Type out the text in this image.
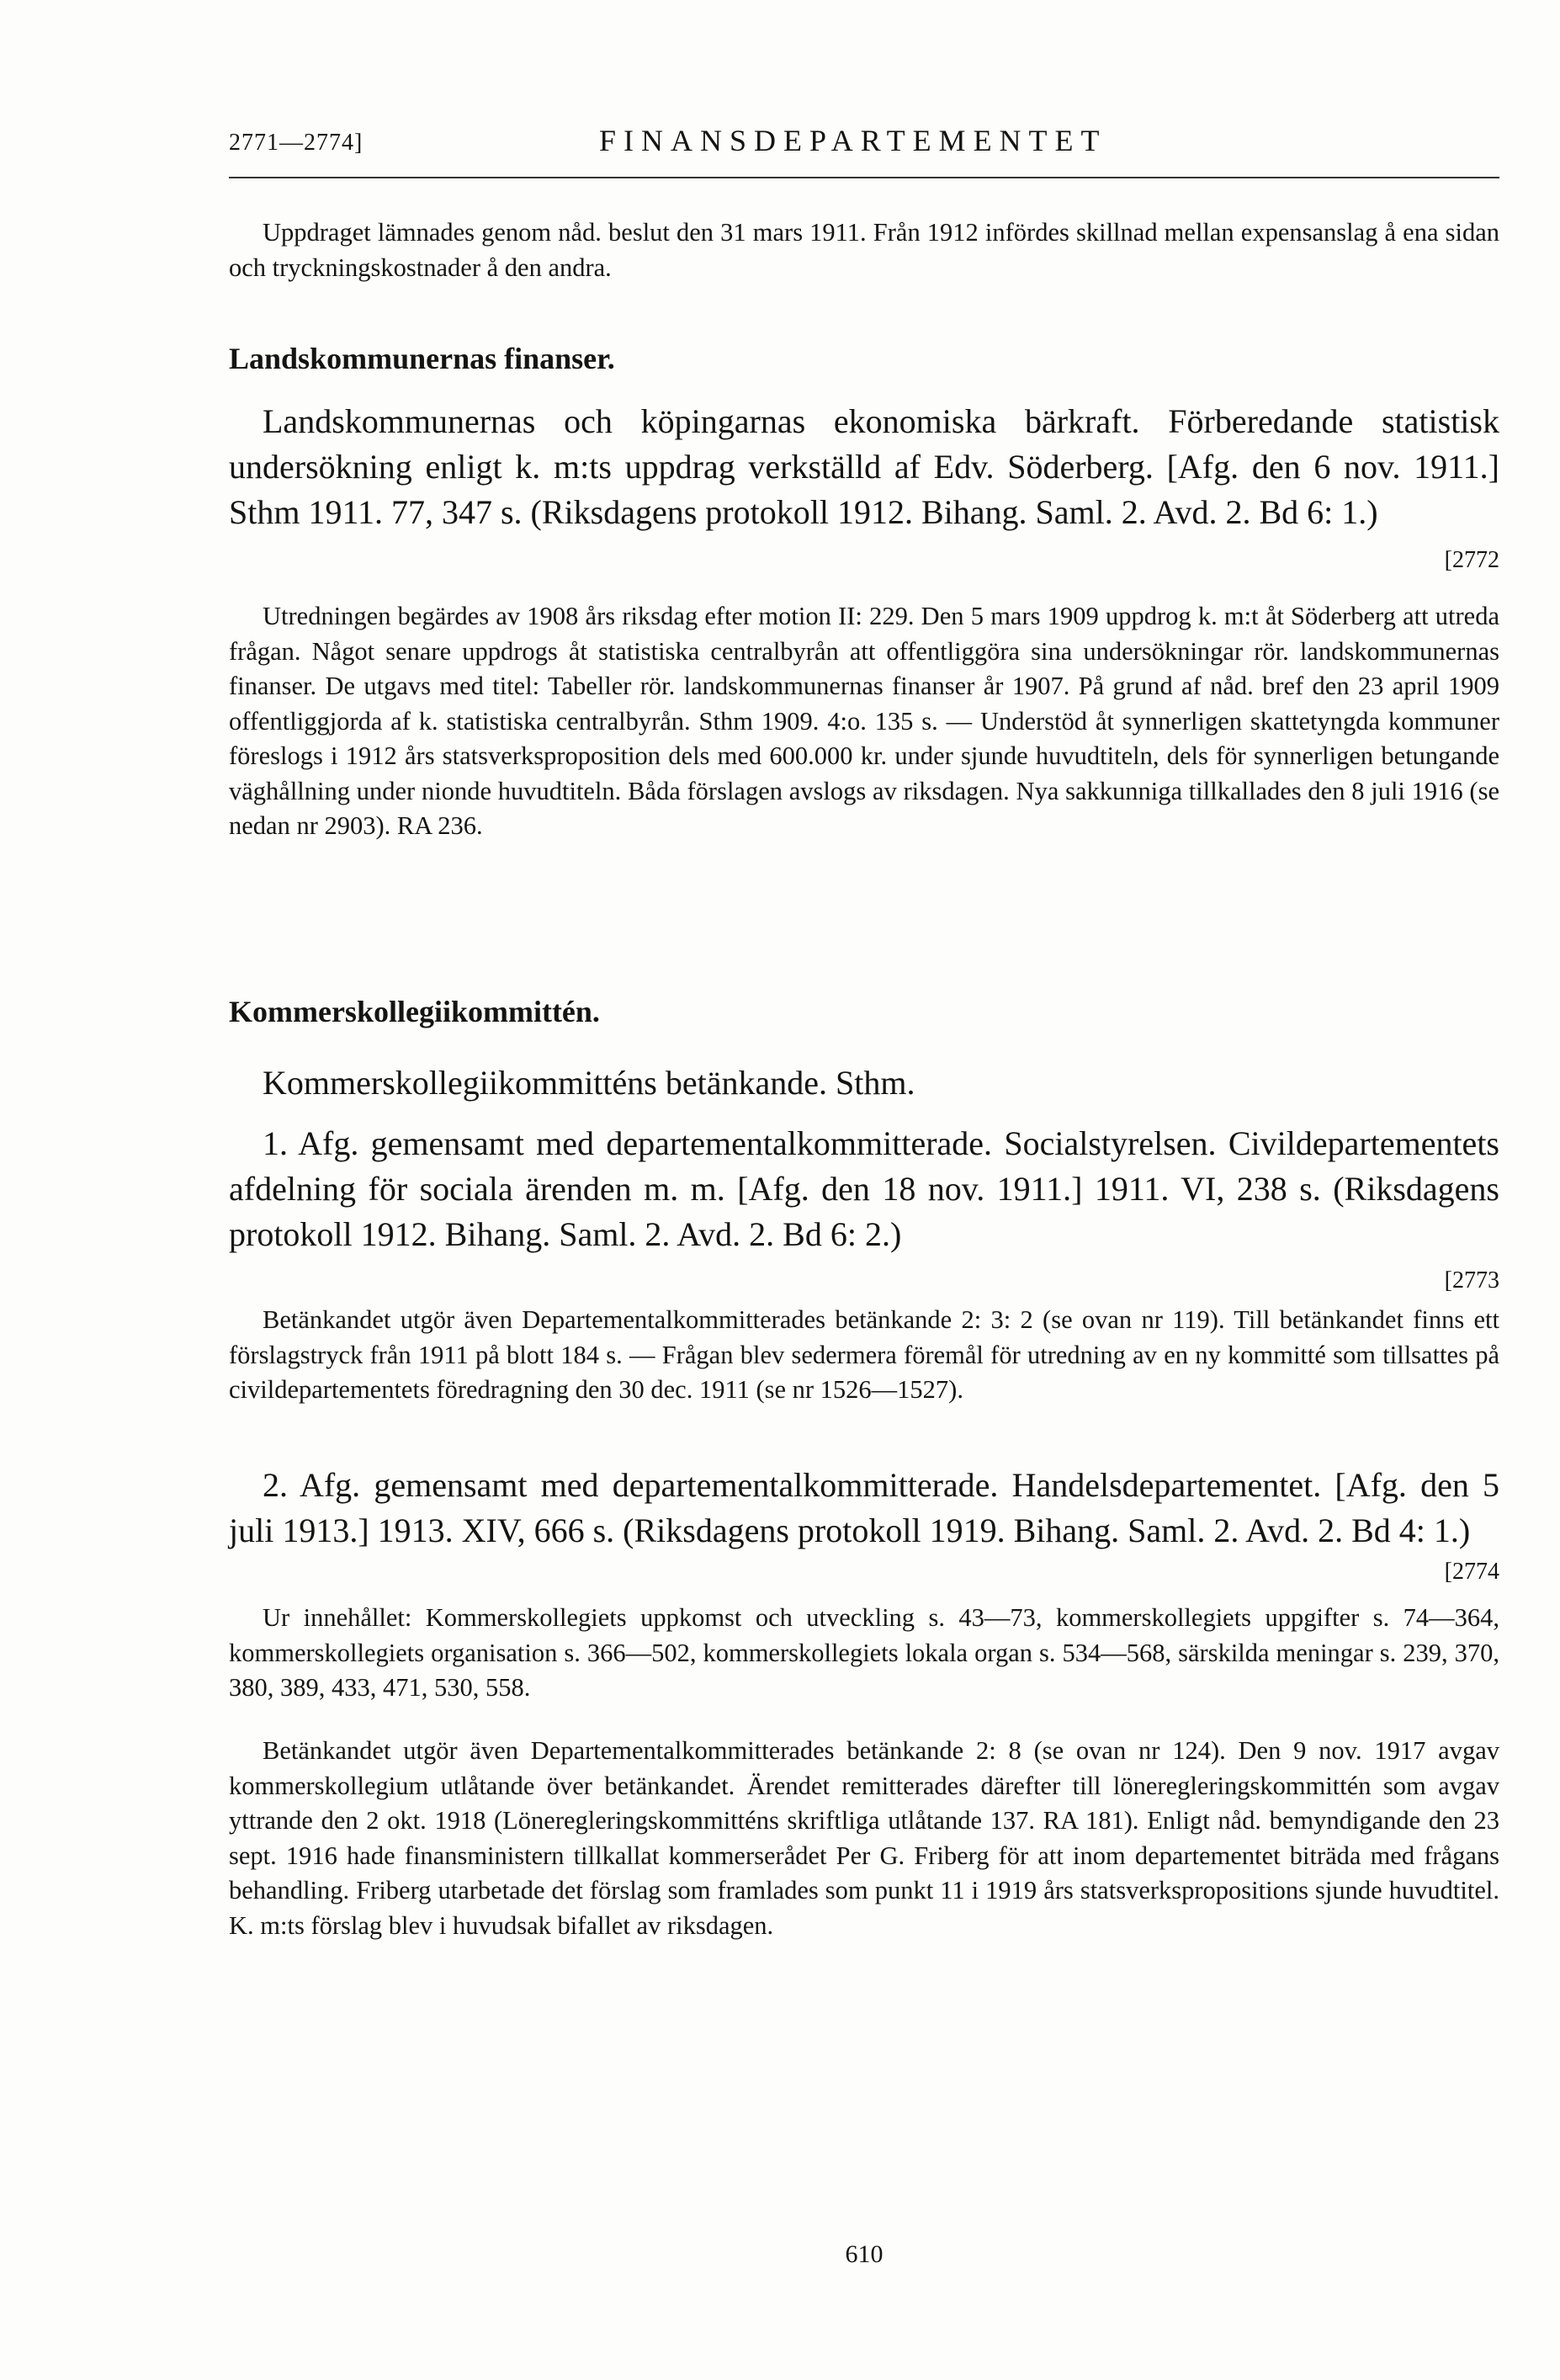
2771—2774]	FINANSDEPARTEMENTET
Uppdraget lämnades genom nåd. beslut den 31 mars 1911. Från 1912 infördes skillnad mellan expensanslag å ena sidan och tryckningskostnader å den andra.
Landskommunernas finanser.
Landskommunernas och köpingarnas ekonomiska bärkraft. Förberedande statistisk undersökning enligt k. m:ts uppdrag verkställd af Edv. Söderberg. [Afg. den 6 nov. 1911.] Sthm 1911. 77, 347 s. (Riksdagens protokoll 1912. Bihang. Saml. 2. Avd. 2. Bd 6: 1.)
[2772
Utredningen begärdes av 1908 års riksdag efter motion II: 229. Den 5 mars 1909 uppdrog k. m:t åt Söderberg att utreda frågan. Något senare uppdrogs åt statistiska centralbyrån att offentliggöra sina undersökningar rör. landskommunernas finanser. De utgavs med titel: Tabeller rör. landskommunernas finanser år 1907. På grund af nåd. bref den 23 april 1909 offentliggjorda af k. statistiska centralbyrån. Sthm 1909. 4:o. 135 s. — Understöd åt synnerligen skattetyngda kommuner föreslogs i 1912 års statsverksproposition dels med 600.000 kr. under sjunde huvudtiteln, dels för synnerligen betungande väghållning under nionde huvudtiteln. Båda förslagen avslogs av riksdagen. Nya sakkunniga tillkallades den 8 juli 1916 (se nedan nr 2903). RA 236.
Kommerskollegiikommittén.
Kommerskollegiikommitténs betänkande. Sthm.
1. Afg. gemensamt med departementalkommitterade. Socialstyrelsen. Civildepartementets afdelning för sociala ärenden m. m. [Afg. den 18 nov. 1911.] 1911. VI, 238 s. (Riksdagens protokoll 1912. Bihang. Saml. 2. Avd. 2. Bd 6: 2.)
[2773
Betänkandet utgör även Departementalkommitterades betänkande 2: 3: 2 (se ovan nr 119). Till betänkandet finns ett förslagstryck från 1911 på blott 184 s. — Frågan blev sedermera föremål för utredning av en ny kommitté som tillsattes på civildepartementets föredragning den 30 dec. 1911 (se nr 1526—1527).
2. Afg. gemensamt med departementalkommitterade. Handelsdepartementet. [Afg. den 5 juli 1913.] 1913. XIV, 666 s. (Riksdagens protokoll 1919. Bihang. Saml. 2. Avd. 2. Bd 4: 1.)
[2774
Ur innehållet: Kommerskollegiets uppkomst och utveckling s. 43—73, kommerskollegiets uppgifter s. 74—364, kommerskollegiets organisation s. 366—502, kommerskollegiets lokala organ s. 534—568, särskilda meningar s. 239, 370, 380, 389, 433, 471, 530, 558.
Betänkandet utgör även Departementalkommitterades betänkande 2: 8 (se ovan nr 124). Den 9 nov. 1917 avgav kommerskollegium utlåtande över betänkandet. Ärendet remitterades därefter till löneregleringskommittén som avgav yttrande den 2 okt. 1918 (Löneregleringskommitténs skriftliga utlåtande 137. RA 181). Enligt nåd. bemyndigande den 23 sept. 1916 hade finansministern tillkallat kommerserådet Per G. Friberg för att inom departementet biträda med frågans behandling. Friberg utarbetade det förslag som framlades som punkt 11 i 1919 års statsverkspropositions sjunde huvudtitel. K. m:ts förslag blev i huvudsak bifallet av riksdagen.
610
